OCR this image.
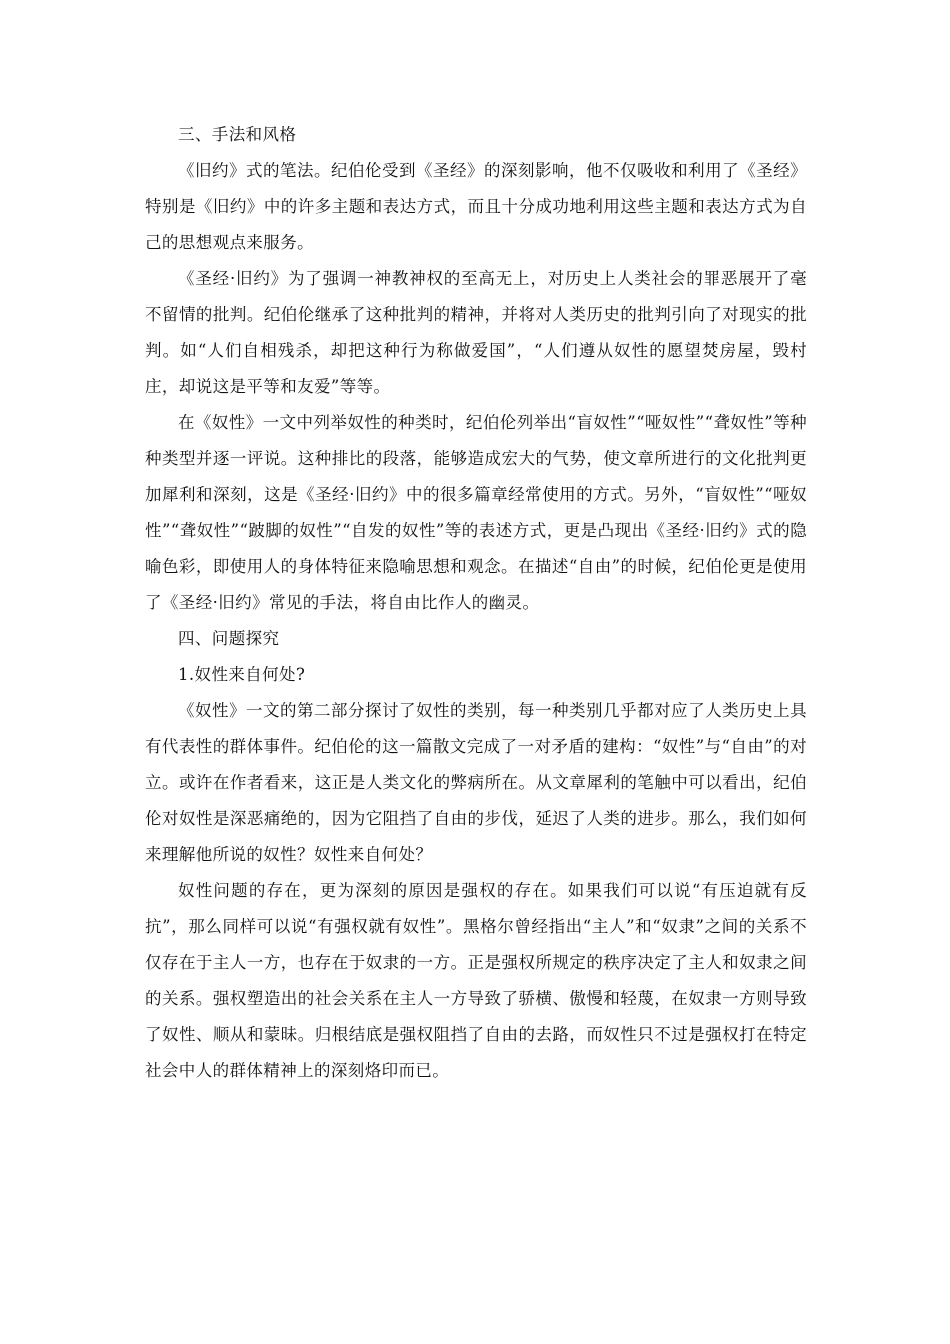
三、手法和风格

《旧约》式的笔法。纪伯伦受到《圣经》的深刻影响，他不仅吸收和利用了《圣经》特别是《旧约》中的许多主题和表达方式，而且十分成功地利用这些主题和表达方式为自己的思想观点来服务。

《圣经·旧约》为了强调一神教神权的至高无上，对历史上人类社会的罪恶展开了毫不留情的批判。纪伯伦继承了这种批判的精神，并将对人类历史的批判引向了对现实的批判。如“人们自相残杀，却把这种行为称做爱国”，“人们遵从奴性的愿望焚房屋，毁村庄，却说这是平等和友爱”等等。

在《奴性》一文中列举奴性的种类时，纪伯伦列举出“盲奴性”“哑奴性”“聋奴性”等种种类型并逐一评说。这种排比的段落，能够造成宏大的气势，使文章所进行的文化批判更加犀利和深刻，这是《圣经·旧约》中的很多篇章经常使用的方式。另外，“盲奴性”“哑奴性”“聋奴性”“跛脚的奴性”“自发的奴性”等的表述方式，更是凸现出《圣经·旧约》式的隐喻色彩，即使用人的身体特征来隐喻思想和观念。在描述“自由”的时候，纪伯伦更是使用了《圣经·旧约》常见的手法，将自由比作人的幽灵。

四、问题探究

1.奴性来自何处?

《奴性》一文的第二部分探讨了奴性的类别，每一种类别几乎都对应了人类历史上具有代表性的群体事件。纪伯伦的这一篇散文完成了一对矛盾的建构：“奴性”与“自由”的对立。或许在作者看来，这正是人类文化的弊病所在。从文章犀利的笔触中可以看出，纪伯伦对奴性是深恶痛绝的，因为它阻挡了自由的步伐，延迟了人类的进步。那么，我们如何来理解他所说的奴性？奴性来自何处？

奴性问题的存在，更为深刻的原因是强权的存在。如果我们可以说“有压迫就有反抗”，那么同样可以说“有强权就有奴性”。黑格尔曾经指出“主人”和“奴隶”之间的关系不仅存在于主人一方，也存在于奴隶的一方。正是强权所规定的秩序决定了主人和奴隶之间的关系。强权塑造出的社会关系在主人一方导致了骄横、傲慢和轻蔑，在奴隶一方则导致了奴性、顺从和蒙昧。归根结底是强权阻挡了自由的去路，而奴性只不过是强权打在特定社会中人的群体精神上的深刻烙印而已。
